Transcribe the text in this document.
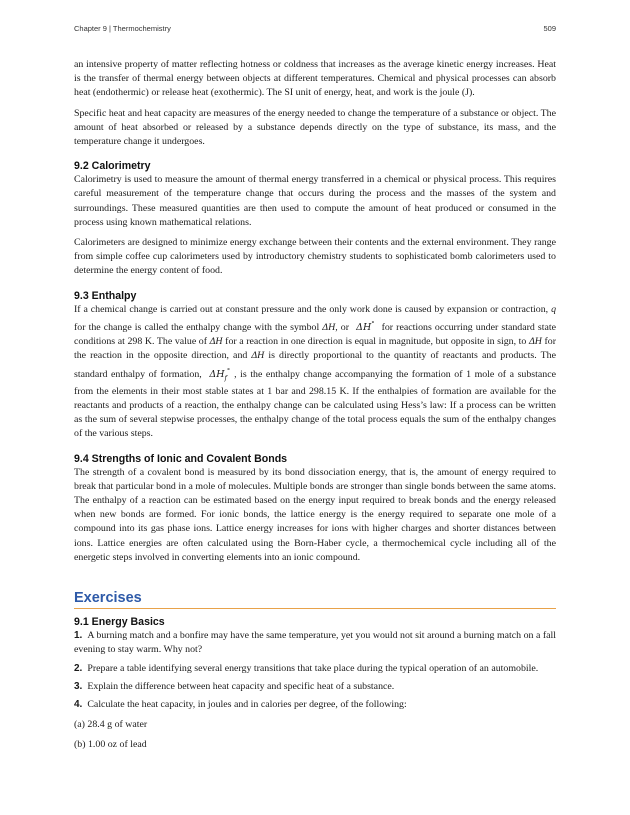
Chapter 9 | Thermochemistry	509

an intensive property of matter reflecting hotness or coldness that increases as the average kinetic energy increases. Heat is the transfer of thermal energy between objects at different temperatures. Chemical and physical processes can absorb heat (endothermic) or release heat (exothermic). The SI unit of energy, heat, and work is the joule (J).

Specific heat and heat capacity are measures of the energy needed to change the temperature of a substance or object. The amount of heat absorbed or released by a substance depends directly on the type of substance, its mass, and the temperature change it undergoes.

9.2 Calorimetry

Calorimetry is used to measure the amount of thermal energy transferred in a chemical or physical process. This requires careful measurement of the temperature change that occurs during the process and the masses of the system and surroundings. These measured quantities are then used to compute the amount of heat produced or consumed in the process using known mathematical relations.

Calorimeters are designed to minimize energy exchange between their contents and the external environment. They range from simple coffee cup calorimeters used by introductory chemistry students to sophisticated bomb calorimeters used to determine the energy content of food.

9.3 Enthalpy

If a chemical change is carried out at constant pressure and the only work done is caused by expansion or contraction, q for the change is called the enthalpy change with the symbol ΔH, or ΔH° for reactions occurring under standard state conditions at 298 K. The value of ΔH for a reaction in one direction is equal in magnitude, but opposite in sign, to ΔH for the reaction in the opposite direction, and ΔH is directly proportional to the quantity of reactants and products. The standard enthalpy of formation, $\Delta H_f^\circ$ , is the enthalpy change accompanying the formation of 1 mole of a substance from the elements in their most stable states at 1 bar and 298.15 K. If the enthalpies of formation are available for the reactants and products of a reaction, the enthalpy change can be calculated using Hess’s law: If a process can be written as the sum of several stepwise processes, the enthalpy change of the total process equals the sum of the enthalpy changes of the various steps.

9.4 Strengths of Ionic and Covalent Bonds

The strength of a covalent bond is measured by its bond dissociation energy, that is, the amount of energy required to break that particular bond in a mole of molecules. Multiple bonds are stronger than single bonds between the same atoms. The enthalpy of a reaction can be estimated based on the energy input required to break bonds and the energy released when new bonds are formed. For ionic bonds, the lattice energy is the energy required to separate one mole of a compound into its gas phase ions. Lattice energy increases for ions with higher charges and shorter distances between ions. Lattice energies are often calculated using the Born-Haber cycle, a thermochemical cycle including all of the energetic steps involved in converting elements into an ionic compound.

Exercises
9.1 Energy Basics
1. A burning match and a bonfire may have the same temperature, yet you would not sit around a burning match on a fall evening to stay warm. Why not?
2. Prepare a table identifying several energy transitions that take place during the typical operation of an automobile.
3. Explain the difference between heat capacity and specific heat of a substance.
4. Calculate the heat capacity, in joules and in calories per degree, of the following:
(a) 28.4 g of water
(b) 1.00 oz of lead
